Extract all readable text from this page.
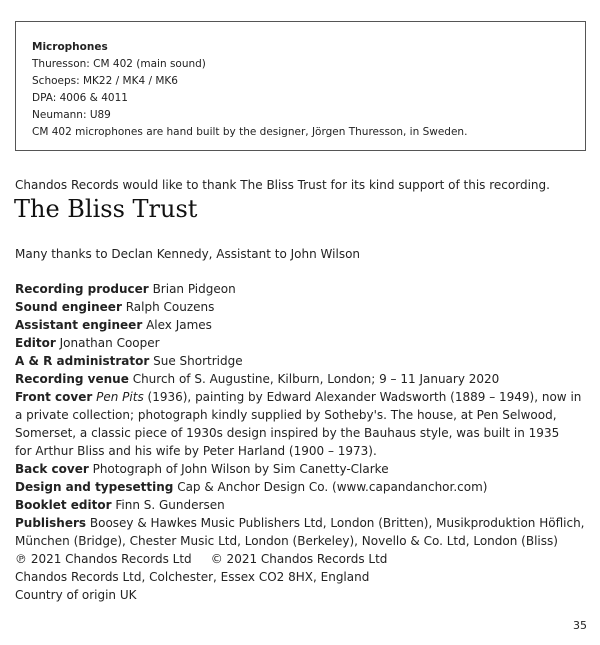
Microphones

Thuresson: CM 402 (main sound)

Schoeps: MK22 / MK4 / MK6

DPA: 4006 & 4011

Neumann: U89

CM 402 microphones are hand built by the designer, Jörgen Thuresson, in Sweden.

Chandos Records would like to thank The Bliss Trust for its kind support of this recording.
The Bliss Trust
Many thanks to Declan Kennedy, Assistant to John Wilson

Recording producer Brian Pidgeon

Sound engineer Ralph Couzens

Assistant engineer Alex James

Editor Jonathan Cooper

A & R administrator Sue Shortridge

Recording venue Church of S. Augustine, Kilburn, London; 9 – 11 January 2020

Front cover Pen Pits (1936), painting by Edward Alexander Wadsworth (1889 – 1949), now in

a private collection; photograph kindly supplied by Sotheby's. The house, at Pen Selwood,

Somerset, a classic piece of 1930s design inspired by the Bauhaus style, was built in 1935

for Arthur Bliss and his wife by Peter Harland (1900 – 1973).

Back cover Photograph of John Wilson by Sim Canetty-Clarke

Design and typesetting Cap & Anchor Design Co. (www.capandanchor.com)

Booklet editor Finn S. Gundersen

Publishers Boosey & Hawkes Music Publishers Ltd, London (Britten), Musikproduktion Höflich,

München (Bridge), Chester Music Ltd, London (Berkeley), Novello & Co. Ltd, London (Bliss)

℗ 2021 Chandos Records Ltd     © 2021 Chandos Records Ltd

Chandos Records Ltd, Colchester, Essex CO2 8HX, England

Country of origin UK

35
